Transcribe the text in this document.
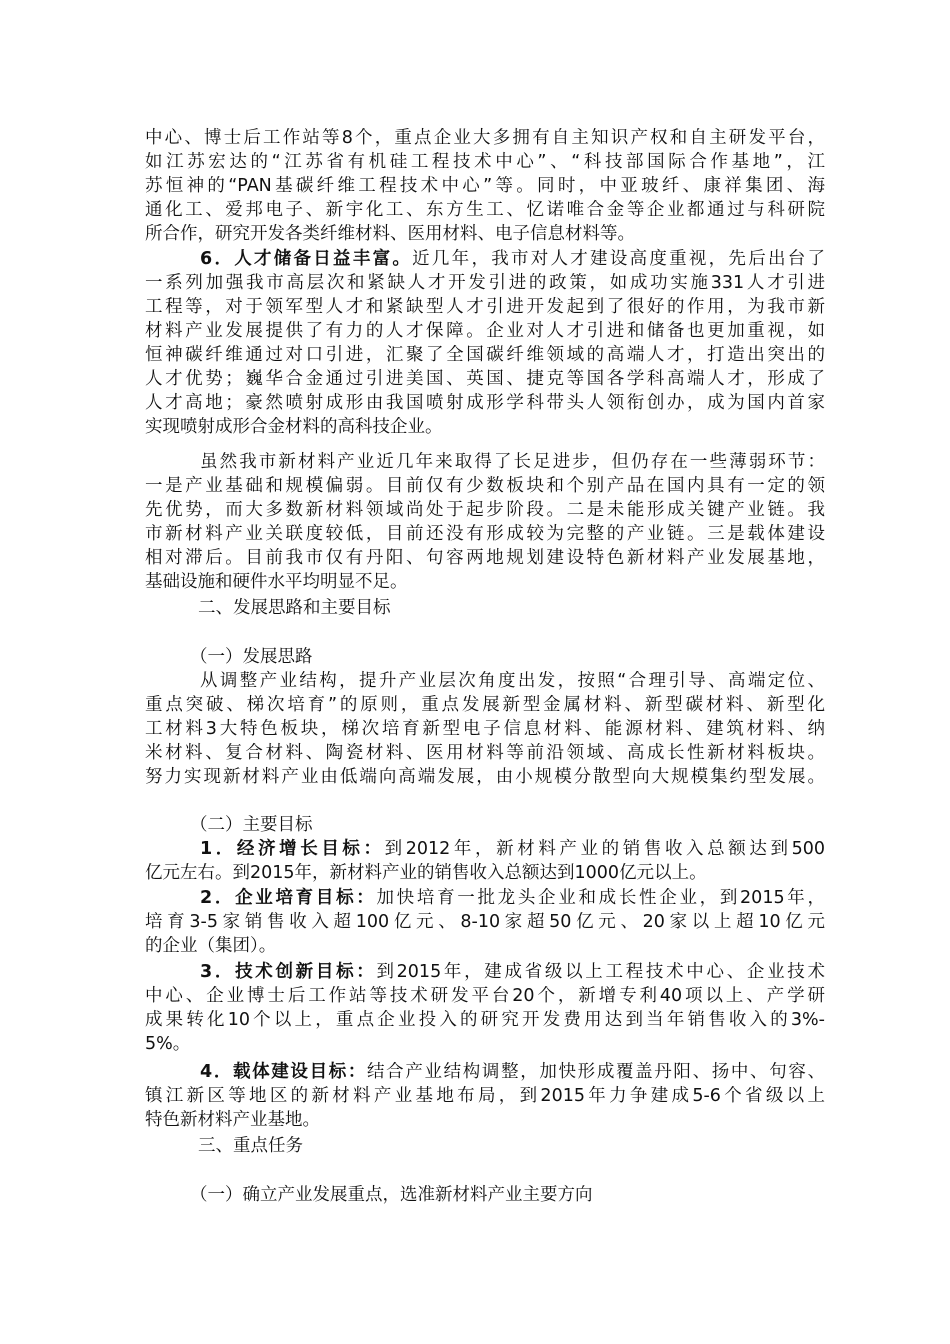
中心、博士后工作站等8个，重点企业大多拥有自主知识产权和自主研发平台，
如江苏宏达的“江苏省有机硅工程技术中心”、“科技部国际合作基地”，江
苏恒神的“PAN基碳纤维工程技术中心”等。同时，中亚玻纤、康祥集团、海
通化工、爱邦电子、新宇化工、东方生工、忆诺唯合金等企业都通过与科研院
所合作，研究开发各类纤维材料、医用材料、电子信息材料等。
6．人才储备日益丰富。近几年，我市对人才建设高度重视，先后出台了
一系列加强我市高层次和紧缺人才开发引进的政策，如成功实施331人才引进
工程等，对于领军型人才和紧缺型人才引进开发起到了很好的作用，为我市新
材料产业发展提供了有力的人才保障。企业对人才引进和储备也更加重视，如
恒神碳纤维通过对口引进，汇聚了全国碳纤维领域的高端人才，打造出突出的
人才优势；巍华合金通过引进美国、英国、捷克等国各学科高端人才，形成了
人才高地；豪然喷射成形由我国喷射成形学科带头人领衔创办，成为国内首家
实现喷射成形合金材料的高科技企业。
虽然我市新材料产业近几年来取得了长足进步，但仍存在一些薄弱环节：
一是产业基础和规模偏弱。目前仅有少数板块和个别产品在国内具有一定的领
先优势，而大多数新材料领域尚处于起步阶段。二是未能形成关键产业链。我
市新材料产业关联度较低，目前还没有形成较为完整的产业链。三是载体建设
相对滞后。目前我市仅有丹阳、句容两地规划建设特色新材料产业发展基地，
基础设施和硬件水平均明显不足。
二、发展思路和主要目标
（一）发展思路
从调整产业结构，提升产业层次角度出发，按照“合理引导、高端定位、
重点突破、梯次培育”的原则，重点发展新型金属材料、新型碳材料、新型化
工材料3大特色板块，梯次培育新型电子信息材料、能源材料、建筑材料、纳
米材料、复合材料、陶瓷材料、医用材料等前沿领域、高成长性新材料板块。
努力实现新材料产业由低端向高端发展，由小规模分散型向大规模集约型发展。
（二）主要目标
1．经济增长目标：到2012年，新材料产业的销售收入总额达到500
亿元左右。到2015年，新材料产业的销售收入总额达到1000亿元以上。
2．企业培育目标：加快培育一批龙头企业和成长性企业，到2015年，
培育3-5家销售收入超100亿元、8-10家超50亿元、20家以上超10亿元
的企业（集团）。
3．技术创新目标：到2015年，建成省级以上工程技术中心、企业技术
中心、企业博士后工作站等技术研发平台20个，新增专利40项以上、产学研
成果转化10个以上，重点企业投入的研究开发费用达到当年销售收入的3%-
5%。
4．载体建设目标：结合产业结构调整，加快形成覆盖丹阳、扬中、句容、
镇江新区等地区的新材料产业基地布局，到2015年力争建成5-6个省级以上
特色新材料产业基地。
三、重点任务
（一）确立产业发展重点，选准新材料产业主要方向
